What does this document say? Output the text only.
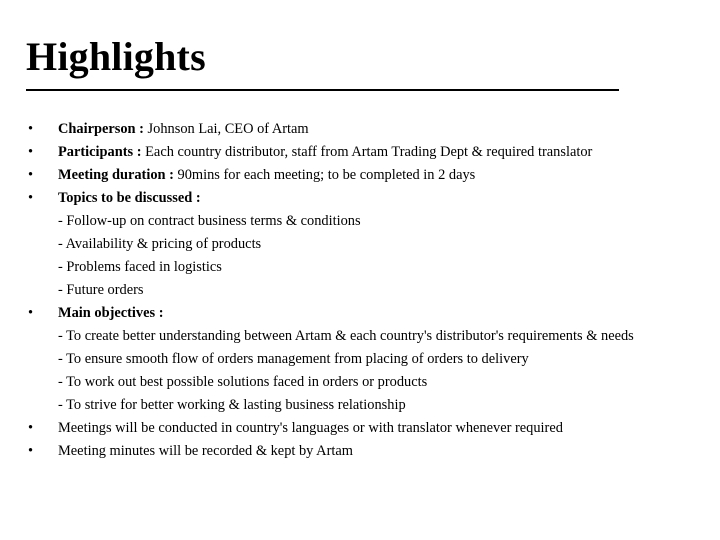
Highlights
•	Chairperson : Johnson Lai, CEO of Artam
•	Participants : Each country distributor, staff from Artam Trading Dept & required translator
•	Meeting duration : 90mins for each meeting; to be completed in 2 days
•	Topics to be discussed :
- Follow-up on contract business terms & conditions
- Availability & pricing of products
- Problems faced in logistics
- Future orders
•	Main objectives :
- To create better understanding between Artam & each country's distributor's requirements & needs
- To ensure smooth flow of orders management from placing of orders to delivery
- To work out best possible solutions faced in orders or products
- To strive for better working & lasting business relationship
•	Meetings will be conducted in country's languages or with translator whenever required
•	Meeting minutes will be recorded & kept by Artam
